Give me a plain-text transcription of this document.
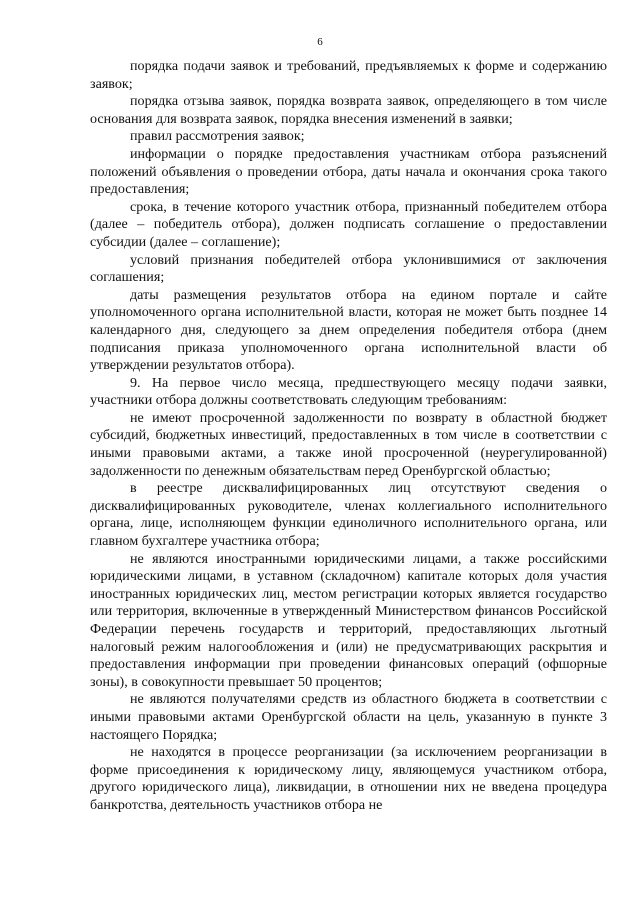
6

порядка подачи заявок и требований, предъявляемых к форме и содержанию заявок;

порядка отзыва заявок, порядка возврата заявок, определяющего в том числе основания для возврата заявок, порядка внесения изменений в заявки;

правил рассмотрения заявок;

информации о порядке предоставления участникам отбора разъяснений положений объявления о проведении отбора, даты начала и окончания срока такого предоставления;

срока, в течение которого участник отбора, признанный победителем отбора (далее – победитель отбора), должен подписать соглашение о предоставлении субсидии (далее – соглашение);

условий признания победителей отбора уклонившимися от заключения соглашения;

даты размещения результатов отбора на едином портале и сайте уполномоченного органа исполнительной власти, которая не может быть позднее 14 календарного дня, следующего за днем определения победителя отбора (днем подписания приказа уполномоченного органа исполнительной власти об утверждении результатов отбора).

9. На первое число месяца, предшествующего месяцу подачи заявки, участники отбора должны соответствовать следующим требованиям:

не имеют просроченной задолженности по возврату в областной бюджет субсидий, бюджетных инвестиций, предоставленных в том числе в соответствии с иными правовыми актами, а также иной просроченной (неурегулированной) задолженности по денежным обязательствам перед Оренбургской областью;

в реестре дисквалифицированных лиц отсутствуют сведения о дисквалифицированных руководителе, членах коллегиального исполнительного органа, лице, исполняющем функции единоличного исполнительного органа, или главном бухгалтере участника отбора;

не являются иностранными юридическими лицами, а также российскими юридическими лицами, в уставном (складочном) капитале которых доля участия иностранных юридических лиц, местом регистрации которых является государство или территория, включенные в утвержденный Министерством финансов Российской Федерации перечень государств и территорий, предоставляющих льготный налоговый режим налогообложения и (или) не предусматривающих раскрытия и предоставления информации при проведении финансовых операций (офшорные зоны), в совокупности превышает 50 процентов;

не являются получателями средств из областного бюджета в соответствии с иными правовыми актами Оренбургской области на цель, указанную в пункте 3 настоящего Порядка;

не находятся в процессе реорганизации (за исключением реорганизации в форме присоединения к юридическому лицу, являющемуся участником отбора, другого юридического лица), ликвидации, в отношении них не введена процедура банкротства, деятельность участников отбора не
